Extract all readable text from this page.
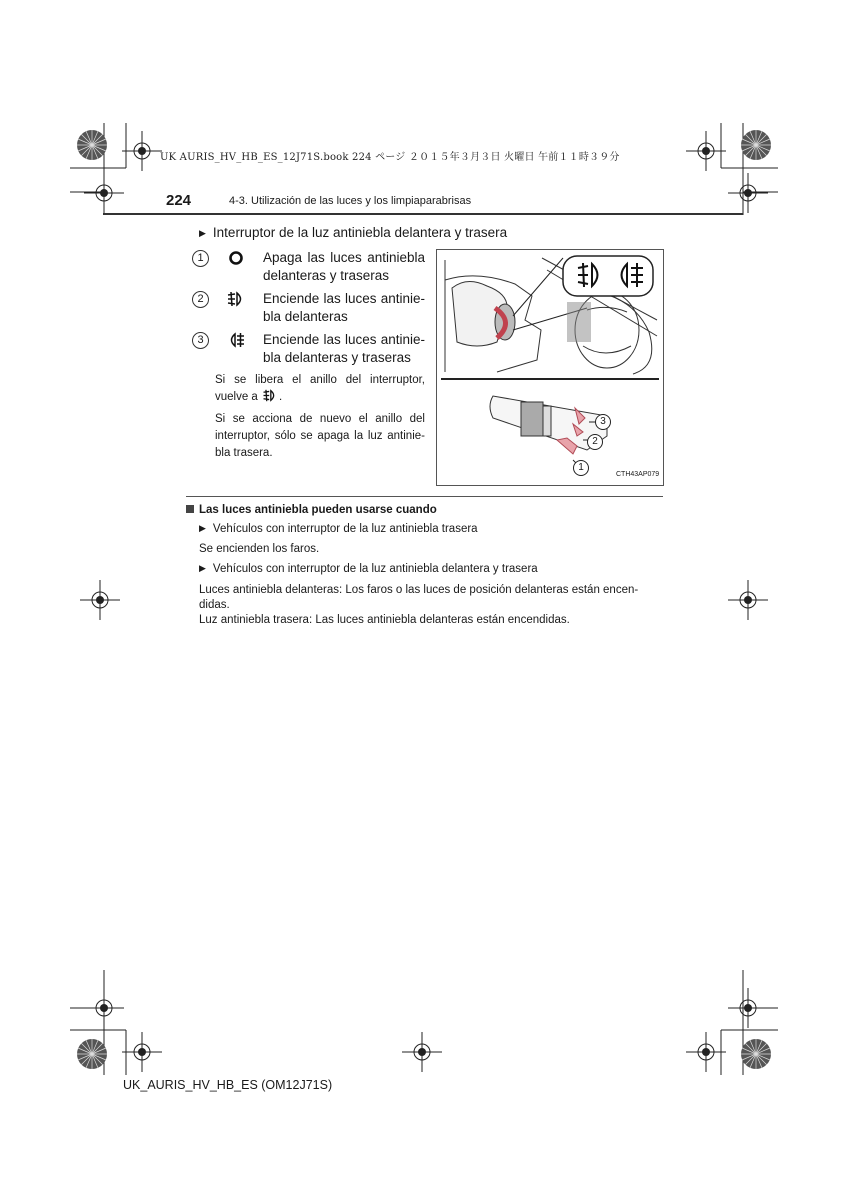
UK AURIS_HV_HB_ES_12J71S.book 224 ページ ２０１５年３月３日 火曜日 午前１１時３９分
224	4-3. Utilización de las luces y los limpiaparabrisas
▶ Interruptor de la luz antiniebla delantera y trasera
1	Apaga las luces antiniebla delanteras y traseras
2	Enciende las luces antiniebla delanteras
3	Enciende las luces antiniebla delanteras y traseras
Si se libera el anillo del interruptor, vuelve a .
Si se acciona de nuevo el anillo del interruptor, sólo se apaga la luz antiniebla trasera.
1
2
3
CTH43AP079
Las luces antiniebla pueden usarse cuando
▶ Vehículos con interruptor de la luz antiniebla trasera
Se encienden los faros.
▶ Vehículos con interruptor de la luz antiniebla delantera y trasera
Luces antiniebla delanteras: Los faros o las luces de posición delanteras están encen-
didas.
Luz antiniebla trasera: Las luces antiniebla delanteras están encendidas.
UK_AURIS_HV_HB_ES (OM12J71S)
